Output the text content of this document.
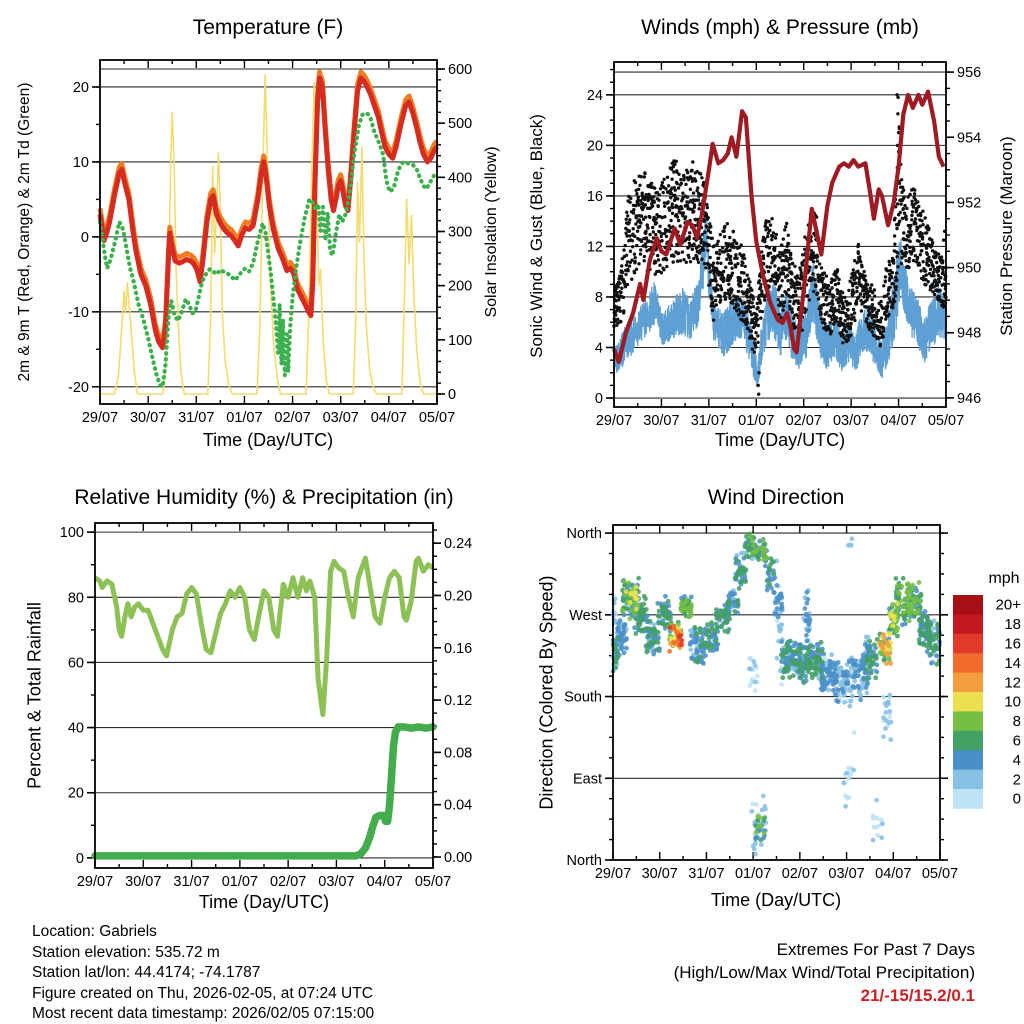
29/07 30/07 31/07 01/07 02/07 03/07 04/07 05/07
-20
-10
0
10
20
0
100
200
300
400
500
600
29/07 30/07 31/07 01/07 02/07 03/07 04/07 05/07
0
4
8
12
16
20
24
946
948
950
952
954
956
29/07 30/07 31/07 01/07 02/07 03/07 04/07 05/07
0
20
40
60
80
100
0.00
0.04
0.08
0.12
0.16
0.20
0.24
29/07 30/07 31/07 01/07 02/07 03/07 04/07 05/07
North
East
South
West
North
mph
20+
18
16
14
12
10
8
6
4
2
0
Temperature (F)	Winds (mph) & Pressure (mb)
Relative Humidity (%) & Precipitation (in)	Wind Direction
Time (Day/UTC)	Time (Day/UTC)
Time (Day/UTC)	Time (Day/UTC)
2m & 9m T (Red, Orange) & 2m Td (Green)	Solar Insolation (Yellow) Sonic Wind & Gust (Blue, Black)	Station Pressure (Maroon)
Percent & Total Rainfall	Direction (Colored By Speed)
Location: Gabriels
Station elevation: 535.72 m
Station lat/lon: 44.4174; -74.1787
Figure created on Thu, 2026-02-05, at 07:24 UTC
Most recent data timestamp: 2026/02/05 07:15:00
Extremes For Past 7 Days
(High/Low/Max Wind/Total Precipitation)
21/-15/15.2/0.1
